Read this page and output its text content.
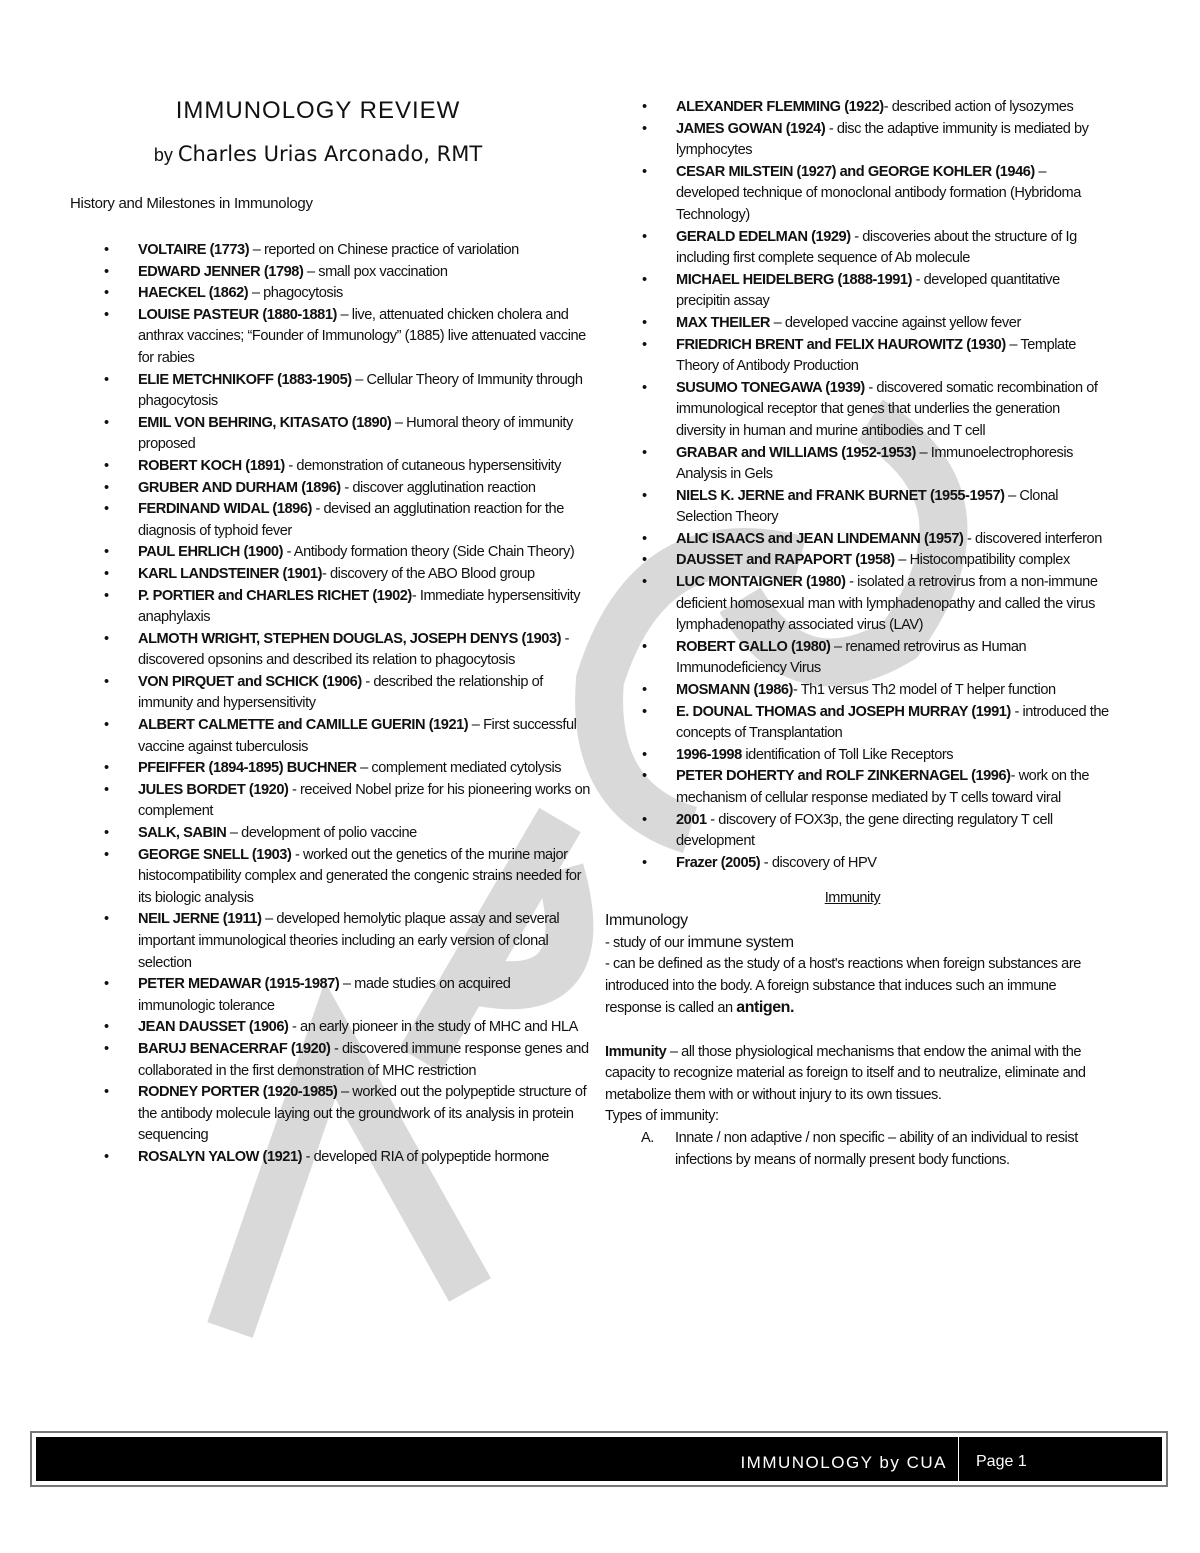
IMMUNOLOGY REVIEW
by Charles Urias Arconado, RMT
History and Milestones in Immunology
• VOLTAIRE (1773) – reported on Chinese practice of variolation
• EDWARD JENNER (1798) – small pox vaccination
• HAECKEL (1862) – phagocytosis
• LOUISE PASTEUR (1880-1881) – live, attenuated chicken cholera and anthrax vaccines; “Founder of Immunology” (1885) live attenuated vaccine for rabies
• ELIE METCHNIKOFF (1883-1905) – Cellular Theory of Immunity through phagocytosis
• EMIL VON BEHRING, KITASATO (1890) – Humoral theory of immunity proposed
• ROBERT KOCH (1891) - demonstration of cutaneous hypersensitivity
• GRUBER AND DURHAM (1896) - discover agglutination reaction
• FERDINAND WIDAL (1896) - devised an agglutination reaction for the diagnosis of typhoid fever
• PAUL EHRLICH (1900) - Antibody formation theory (Side Chain Theory)
• KARL LANDSTEINER (1901)- discovery of the ABO Blood group
• P. PORTIER and CHARLES RICHET (1902)- Immediate hypersensitivity anaphylaxis
• ALMOTH WRIGHT, STEPHEN DOUGLAS, JOSEPH DENYS (1903) - discovered opsonins and described its relation to phagocytosis
• VON PIRQUET and SCHICK (1906) - described the relationship of immunity and hypersensitivity
• ALBERT CALMETTE and CAMILLE GUERIN (1921) – First successful vaccine against tuberculosis
• PFEIFFER (1894-1895) BUCHNER – complement mediated cytolysis
• JULES BORDET (1920) - received Nobel prize for his pioneering works on complement
• SALK, SABIN – development of polio vaccine
• GEORGE SNELL (1903) - worked out the genetics of the murine major histocompatibility complex and generated the congenic strains needed for its biologic analysis
• NEIL JERNE (1911) – developed hemolytic plaque assay and several important immunological theories including an early version of clonal selection
• PETER MEDAWAR (1915-1987) – made studies on acquired immunologic tolerance
• JEAN DAUSSET (1906) - an early pioneer in the study of MHC and HLA
• BARUJ BENACERRAF (1920) - discovered immune response genes and collaborated in the first demonstration of MHC restriction
• RODNEY PORTER (1920-1985) – worked out the polypeptide structure of the antibody molecule laying out the groundwork of its analysis in protein sequencing
• ROSALYN YALOW (1921) - developed RIA of polypeptide hormone
• ALEXANDER FLEMMING (1922)- described action of lysozymes
• JAMES GOWAN (1924) - disc the adaptive immunity is mediated by lymphocytes
• CESAR MILSTEIN (1927) and GEORGE KOHLER (1946) – developed technique of monoclonal antibody formation (Hybridoma Technology)
• GERALD EDELMAN (1929) - discoveries about the structure of Ig including first complete sequence of Ab molecule
• MICHAEL HEIDELBERG (1888-1991) - developed quantitative precipitin assay
• MAX THEILER – developed vaccine against yellow fever
• FRIEDRICH BRENT and FELIX HAUROWITZ (1930) – Template Theory of Antibody Production
• SUSUMO TONEGAWA (1939) - discovered somatic recombination of immunological receptor that genes that underlies the generation diversity in human and murine antibodies and T cell
• GRABAR and WILLIAMS (1952-1953) – Immunoelectrophoresis Analysis in Gels
• NIELS K. JERNE and FRANK BURNET (1955-1957) – Clonal Selection Theory
• ALIC ISAACS and JEAN LINDEMANN (1957) - discovered interferon
• DAUSSET and RAPAPORT (1958) – Histocompatibility complex
• LUC MONTAIGNER (1980) - isolated a retrovirus from a non-immune deficient homosexual man with lymphadenopathy and called the virus lymphadenopathy associated virus (LAV)
• ROBERT GALLO (1980) – renamed retrovirus as Human Immunodeficiency Virus
• MOSMANN (1986)- Th1 versus Th2 model of T helper function
• E. DOUNAL THOMAS and JOSEPH MURRAY (1991) - introduced the concepts of Transplantation
• 1996-1998 identification of Toll Like Receptors
• PETER DOHERTY and ROLF ZINKERNAGEL (1996)- work on the mechanism of cellular response mediated by T cells toward viral
• 2001 - discovery of FOX3p, the gene directing regulatory T cell development
• Frazer (2005) - discovery of HPV
Immunity
Immunology

- study of our immune system

- can be defined as the study of a host's reactions when foreign substances are introduced into the body. A foreign substance that induces such an immune response is called an antigen.

Immunity – all those physiological mechanisms that endow the animal with the capacity to recognize material as foreign to itself and to neutralize, eliminate and metabolize them with or without injury to its own tissues.

Types of immunity:

A. Innate / non adaptive / non specific – ability of an individual to resist infections by means of normally present body functions.
IMMUNOLOGY by CUA Page 1
